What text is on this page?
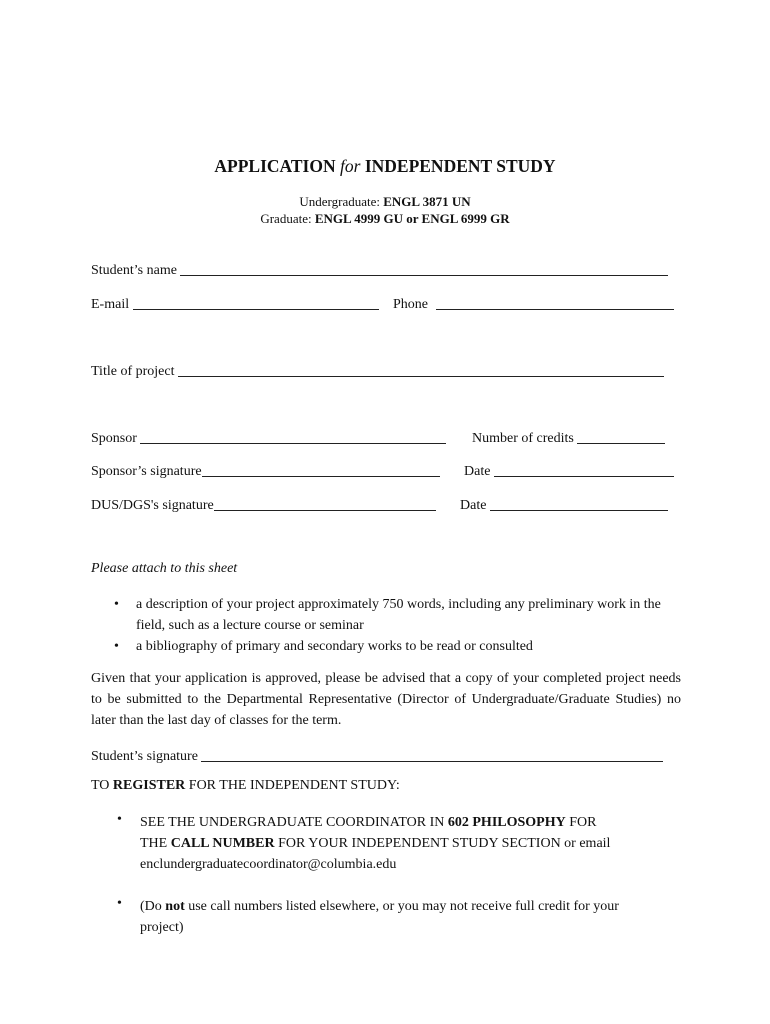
APPLICATION for INDEPENDENT STUDY
Undergraduate: ENGL 3871 UN
Graduate: ENGL 4999 GU or ENGL 6999 GR
Student’s name
E-mail	Phone
Title of project
Sponsor	Number of credits
Sponsor’s signature	Date
DUS/DGS's signature	Date
Please attach to this sheet
• a description of your project approximately 750 words, including any preliminary work in the field, such as a lecture course or seminar
• a bibliography of primary and secondary works to be read or consulted
Given that your application is approved, please be advised that a copy of your completed project needs to be submitted to the Departmental Representative (Director of Undergraduate/Graduate Studies) no later than the last day of classes for the term.
Student’s signature
TO REGISTER FOR THE INDEPENDENT STUDY:
• SEE THE UNDERGRADUATE COORDINATOR IN 602 PHILOSOPHY FOR
THE CALL NUMBER FOR YOUR INDEPENDENT STUDY SECTION or email
enclundergraduatecoordinator@columbia.edu
• (Do not use call numbers listed elsewhere, or you may not receive full credit for your
project)
